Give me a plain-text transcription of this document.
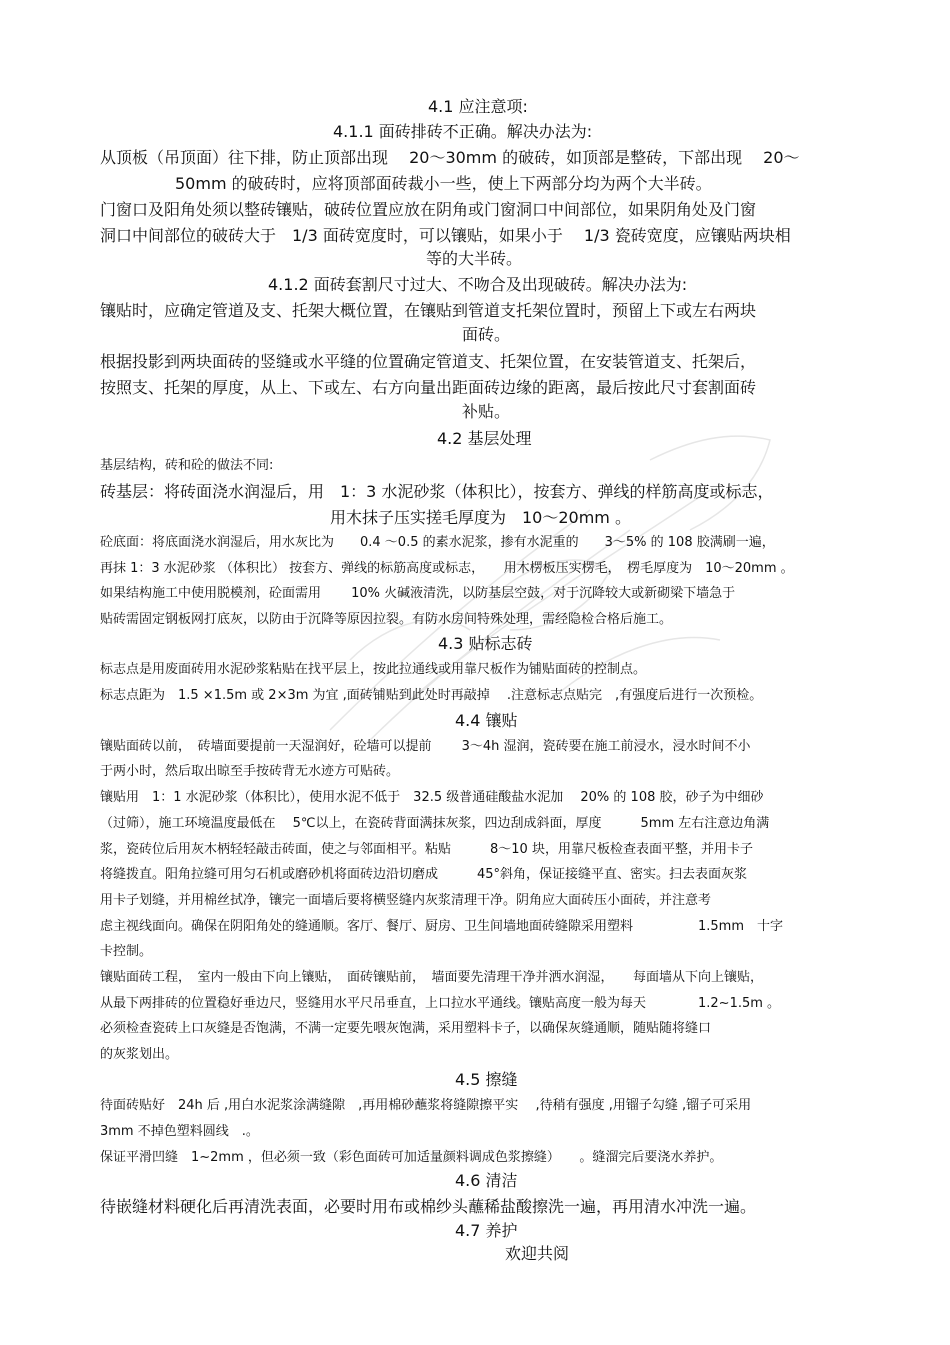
4.1 应注意项:
4.1.1 面砖排砖不正确。解决办法为:
从顶板（吊顶面）往下排，防止顶部出现　 20～30mm 的破砖，如顶部是整砖，下部出现　 20～
50mm 的破砖时，应将顶部面砖裁小一些，使上下两部分均为两个大半砖。
门窗口及阳角处须以整砖镶贴，破砖位置应放在阴角或门窗洞口中间部位，如果阴角处及门窗
洞口中间部位的破砖大于　1/3 面砖宽度时，可以镶贴，如果小于　 1/3 瓷砖宽度，应镶贴两块相
等的大半砖。
4.1.2 面砖套割尺寸过大、不吻合及出现破砖。解决办法为:
镶贴时，应确定管道及支、托架大概位置，在镶贴到管道支托架位置时，预留上下或左右两块
面砖。
根据投影到两块面砖的竖缝或水平缝的位置确定管道支、托架位置，在安装管道支、托架后，
按照支、托架的厚度，从上、下或左、右方向量出距面砖边缘的距离，最后按此尺寸套割面砖
补贴。
4.2 基层处理
基层结构，砖和砼的做法不同:
砖基层：将砖面浇水润湿后，用　1：3 水泥砂浆（体积比），按套方、弹线的样筋高度或标志，
用木抹子压实搓毛厚度为　10～20mm 。
砼底面：将底面浇水润湿后，用水灰比为　　0.4 ～0.5 的素水泥浆，掺有水泥重的　　3～5% 的 108 胶满刷一遍，
再抹 1：3 水泥砂浆 （体积比） 按套方、弹线的标筋高度或标志，　　用木楞板压实楞毛，　楞毛厚度为　10～20mm 。
如果结构施工中使用脱模剂，砼面需用　　 10% 火碱液清洗，以防基层空鼓，对于沉降较大或新砌梁下墙急于
贴砖需固定钢板网打底灰，以防由于沉降等原因拉裂。有防水房间特殊处理，需经隐检合格后施工。
4.3 贴标志砖
标志点是用废面砖用水泥砂浆粘贴在找平层上，按此拉通线或用靠尺板作为铺贴面砖的控制点。
标志点距为　1.5 ×1.5m 或 2×3m 为宜 ,面砖铺贴到此处时再敲掉　 .注意标志点贴完　,有强度后进行一次预检。
4.4 镶贴
镶贴面砖以前，　砖墙面要提前一天湿润好，砼墙可以提前　　 3～4h 湿润，瓷砖要在施工前浸水，浸水时间不小
于两小时，然后取出晾至手按砖背无水迹方可贴砖。
镶贴用　1：1 水泥砂浆（体积比），使用水泥不低于　32.5 级普通硅酸盐水泥加　 20% 的 108 胶，砂子为中细砂
（过筛），施工环境温度最低在　 5℃以上，在瓷砖背面满抹灰浆，四边刮成斜面，厚度　　　5mm 左右注意边角满
浆，瓷砖位后用灰木柄轻轻敲击砖面，使之与邻面相平。粘贴　　　8～10 块，用靠尺板检查表面平整，并用卡子
将缝拨直。阳角拉缝可用匀石机或磨砂机将面砖边沿切磨成　　　45°斜角，保证接缝平直、密实。扫去表面灰浆
用卡子划缝，并用棉丝拭净，镶完一面墙后要将横竖缝内灰浆清理干净。阴角应大面砖压小面砖，并注意考
虑主视线面向。确保在阴阳角处的缝通顺。客厅、餐厅、厨房、卫生间墙地面砖缝隙采用塑料　　　　　1.5mm　十字
卡控制。
镶贴面砖工程，　室内一般由下向上镶贴，　面砖镶贴前，　墙面要先清理干净并洒水润湿，　　每面墙从下向上镶贴，
从最下两排砖的位置稳好垂边尺，竖缝用水平尺吊垂直，上口拉水平通线。镶贴高度一般为每天　　　　1.2~1.5m 。
必须检查瓷砖上口灰缝是否饱满，不满一定要先喂灰饱满，采用塑料卡子，以确保灰缝通顺，随贴随将缝口
的灰浆划出。
4.5 擦缝
待面砖贴好　24h 后 ,用白水泥浆涂满缝隙　,再用棉砂蘸浆将缝隙擦平实　 ,待稍有强度 ,用镏子勾缝 ,镏子可采用
3mm 不掉色塑料圆线　.。
保证平滑凹缝　1~2mm ，但必须一致（彩色面砖可加适量颜料调成色浆擦缝）　　。缝溜完后要浇水养护。
4.6 清洁
待嵌缝材料硬化后再清洗表面，必要时用布或棉纱头蘸稀盐酸擦洗一遍，再用清水冲洗一遍。
4.7 养护
欢迎共阅
